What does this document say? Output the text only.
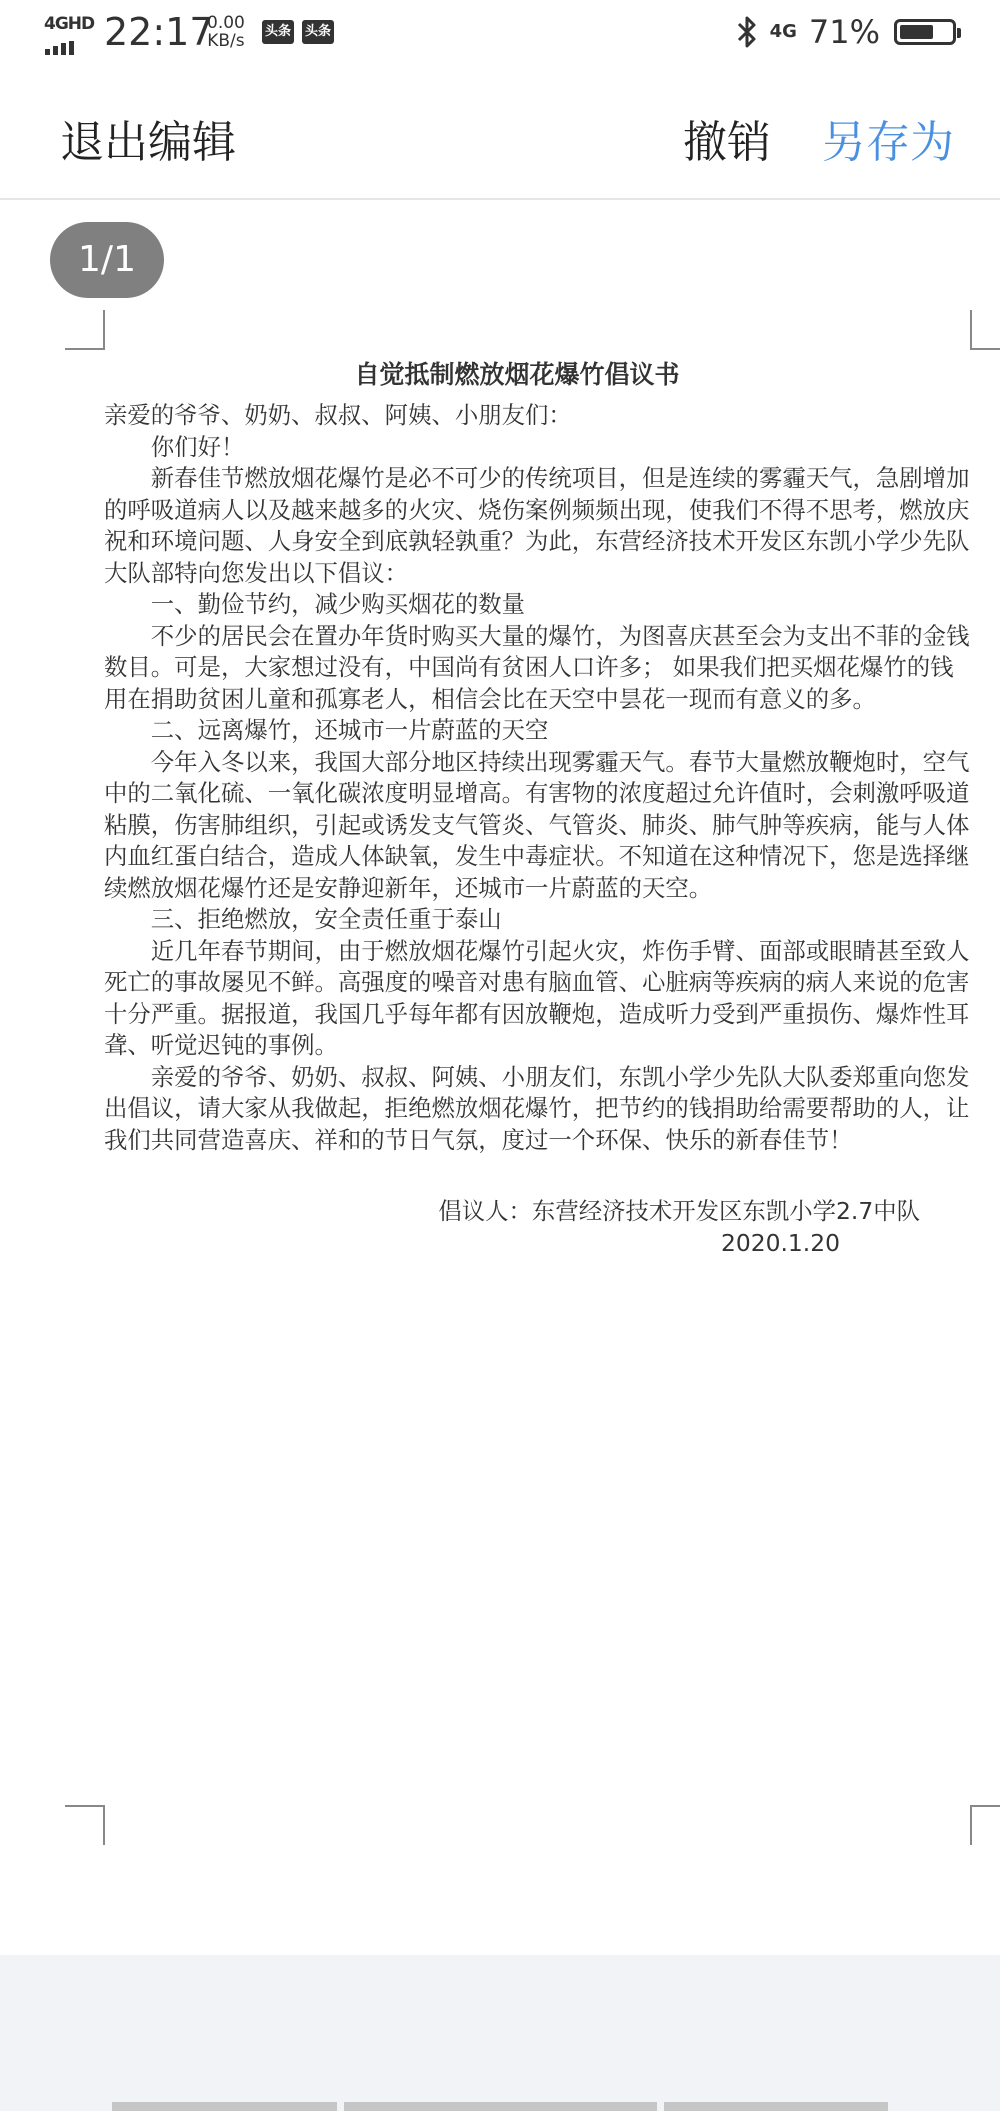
4GHD 22:17
0.00
KB/s 头条 头条	4G 71%
退出编辑	撤销 另存为
1/1

自觉抵制燃放烟花爆竹倡议书

亲爱的爷爷、奶奶、叔叔、阿姨、小朋友们：

你们好！

新春佳节燃放烟花爆竹是必不可少的传统项目，但是连续的雾霾天气，急剧增加的呼吸道病人以及越来越多的火灾、烧伤案例频频出现，使我们不得不思考，燃放庆祝和环境问题、人身安全到底孰轻孰重？为此，东营经济技术开发区东凯小学少先队大队部特向您发出以下倡议：

一、勤俭节约，减少购买烟花的数量

不少的居民会在置办年货时购买大量的爆竹，为图喜庆甚至会为支出不菲的金钱数目。可是，大家想过没有，中国尚有贫困人口许多； 如果我们把买烟花爆竹的钱用在捐助贫困儿童和孤寡老人，相信会比在天空中昙花一现而有意义的多。

二、远离爆竹，还城市一片蔚蓝的天空

今年入冬以来，我国大部分地区持续出现雾霾天气。春节大量燃放鞭炮时，空气中的二氧化硫、一氧化碳浓度明显增高。有害物的浓度超过允许值时，会刺激呼吸道粘膜，伤害肺组织，引起或诱发支气管炎、气管炎、肺炎、肺气肿等疾病，能与人体内血红蛋白结合，造成人体缺氧，发生中毒症状。不知道在这种情况下，您是选择继续燃放烟花爆竹还是安静迎新年，还城市一片蔚蓝的天空。

三、拒绝燃放，安全责任重于泰山

近几年春节期间，由于燃放烟花爆竹引起火灾，炸伤手臂、面部或眼睛甚至致人死亡的事故屡见不鲜。高强度的噪音对患有脑血管、心脏病等疾病的病人来说的危害十分严重。据报道，我国几乎每年都有因放鞭炮，造成听力受到严重损伤、爆炸性耳聋、听觉迟钝的事例。

亲爱的爷爷、奶奶、叔叔、阿姨、小朋友们，东凯小学少先队大队委郑重向您发出倡议，请大家从我做起，拒绝燃放烟花爆竹，把节约的钱捐助给需要帮助的人，让我们共同营造喜庆、祥和的节日气氛，度过一个环保、快乐的新春佳节！

倡议人：东营经济技术开发区东凯小学2.7中队

2020.1.20
